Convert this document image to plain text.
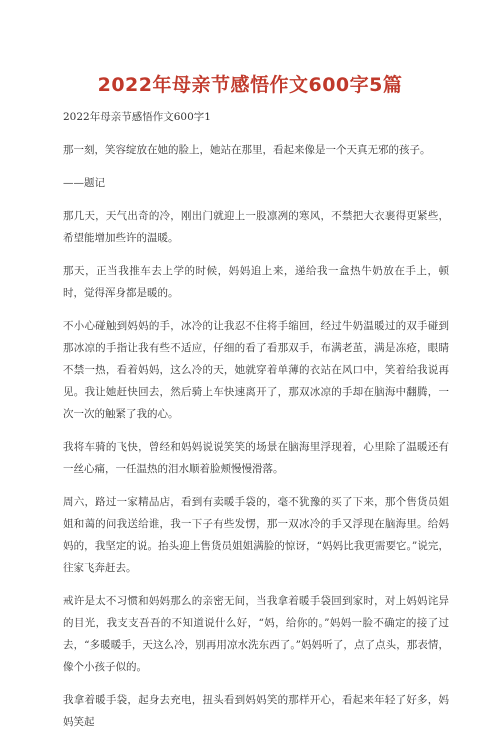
2022年母亲节感悟作文600字5篇

2022年母亲节感悟作文600字1

那一刻，笑容绽放在她的脸上，她站在那里，看起来像是一个天真无邪的孩子。

——题记

那几天，天气出奇的冷，刚出门就迎上一股凛冽的寒风，不禁把大衣裹得更紧些，希望能增加些许的温暖。

那天，正当我推车去上学的时候，妈妈追上来，递给我一盒热牛奶放在手上，顿时，觉得浑身都是暖的。

不小心碰触到妈妈的手，冰冷的让我忍不住将手缩回，经过牛奶温暖过的双手碰到那冰凉的手指让我有些不适应，仔细的看了看那双手，布满老茧，满是冻疮，眼睛不禁一热，看着妈妈，这么冷的天，她就穿着单薄的衣站在风口中，笑着给我说再见。我让她赶快回去，然后骑上车快速离开了，那双冰凉的手却在脑海中翻腾，一次一次的触紧了我的心。

我将车骑的飞快，曾经和妈妈说说笑笑的场景在脑海里浮现着，心里除了温暖还有一丝心痛，一任温热的泪水顺着脸颊慢慢滑落。

周六，路过一家精品店，看到有卖暖手袋的，毫不犹豫的买了下来，那个售货员姐姐和蔼的问我送给谁，我一下子有些发愣，那一双冰冷的手又浮现在脑海里。给妈妈的，我坚定的说。抬头迎上售货员姐姐满脸的惊讶，“妈妈比我更需要它。”说完，往家飞奔赶去。

戒许是太不习惯和妈妈那么的亲密无间，当我拿着暖手袋回到家时，对上妈妈诧异的目光，我支支吾吾的不知道说什么好，“妈，给你的。”妈妈一脸不确定的接了过去，“多暖暖手，天这么冷，别再用凉水洗东西了。”妈妈听了，点了点头，那表情，像个小孩子似的。

我拿着暖手袋，起身去充电，扭头看到妈妈笑的那样开心，看起来年轻了好多，妈妈笑起
